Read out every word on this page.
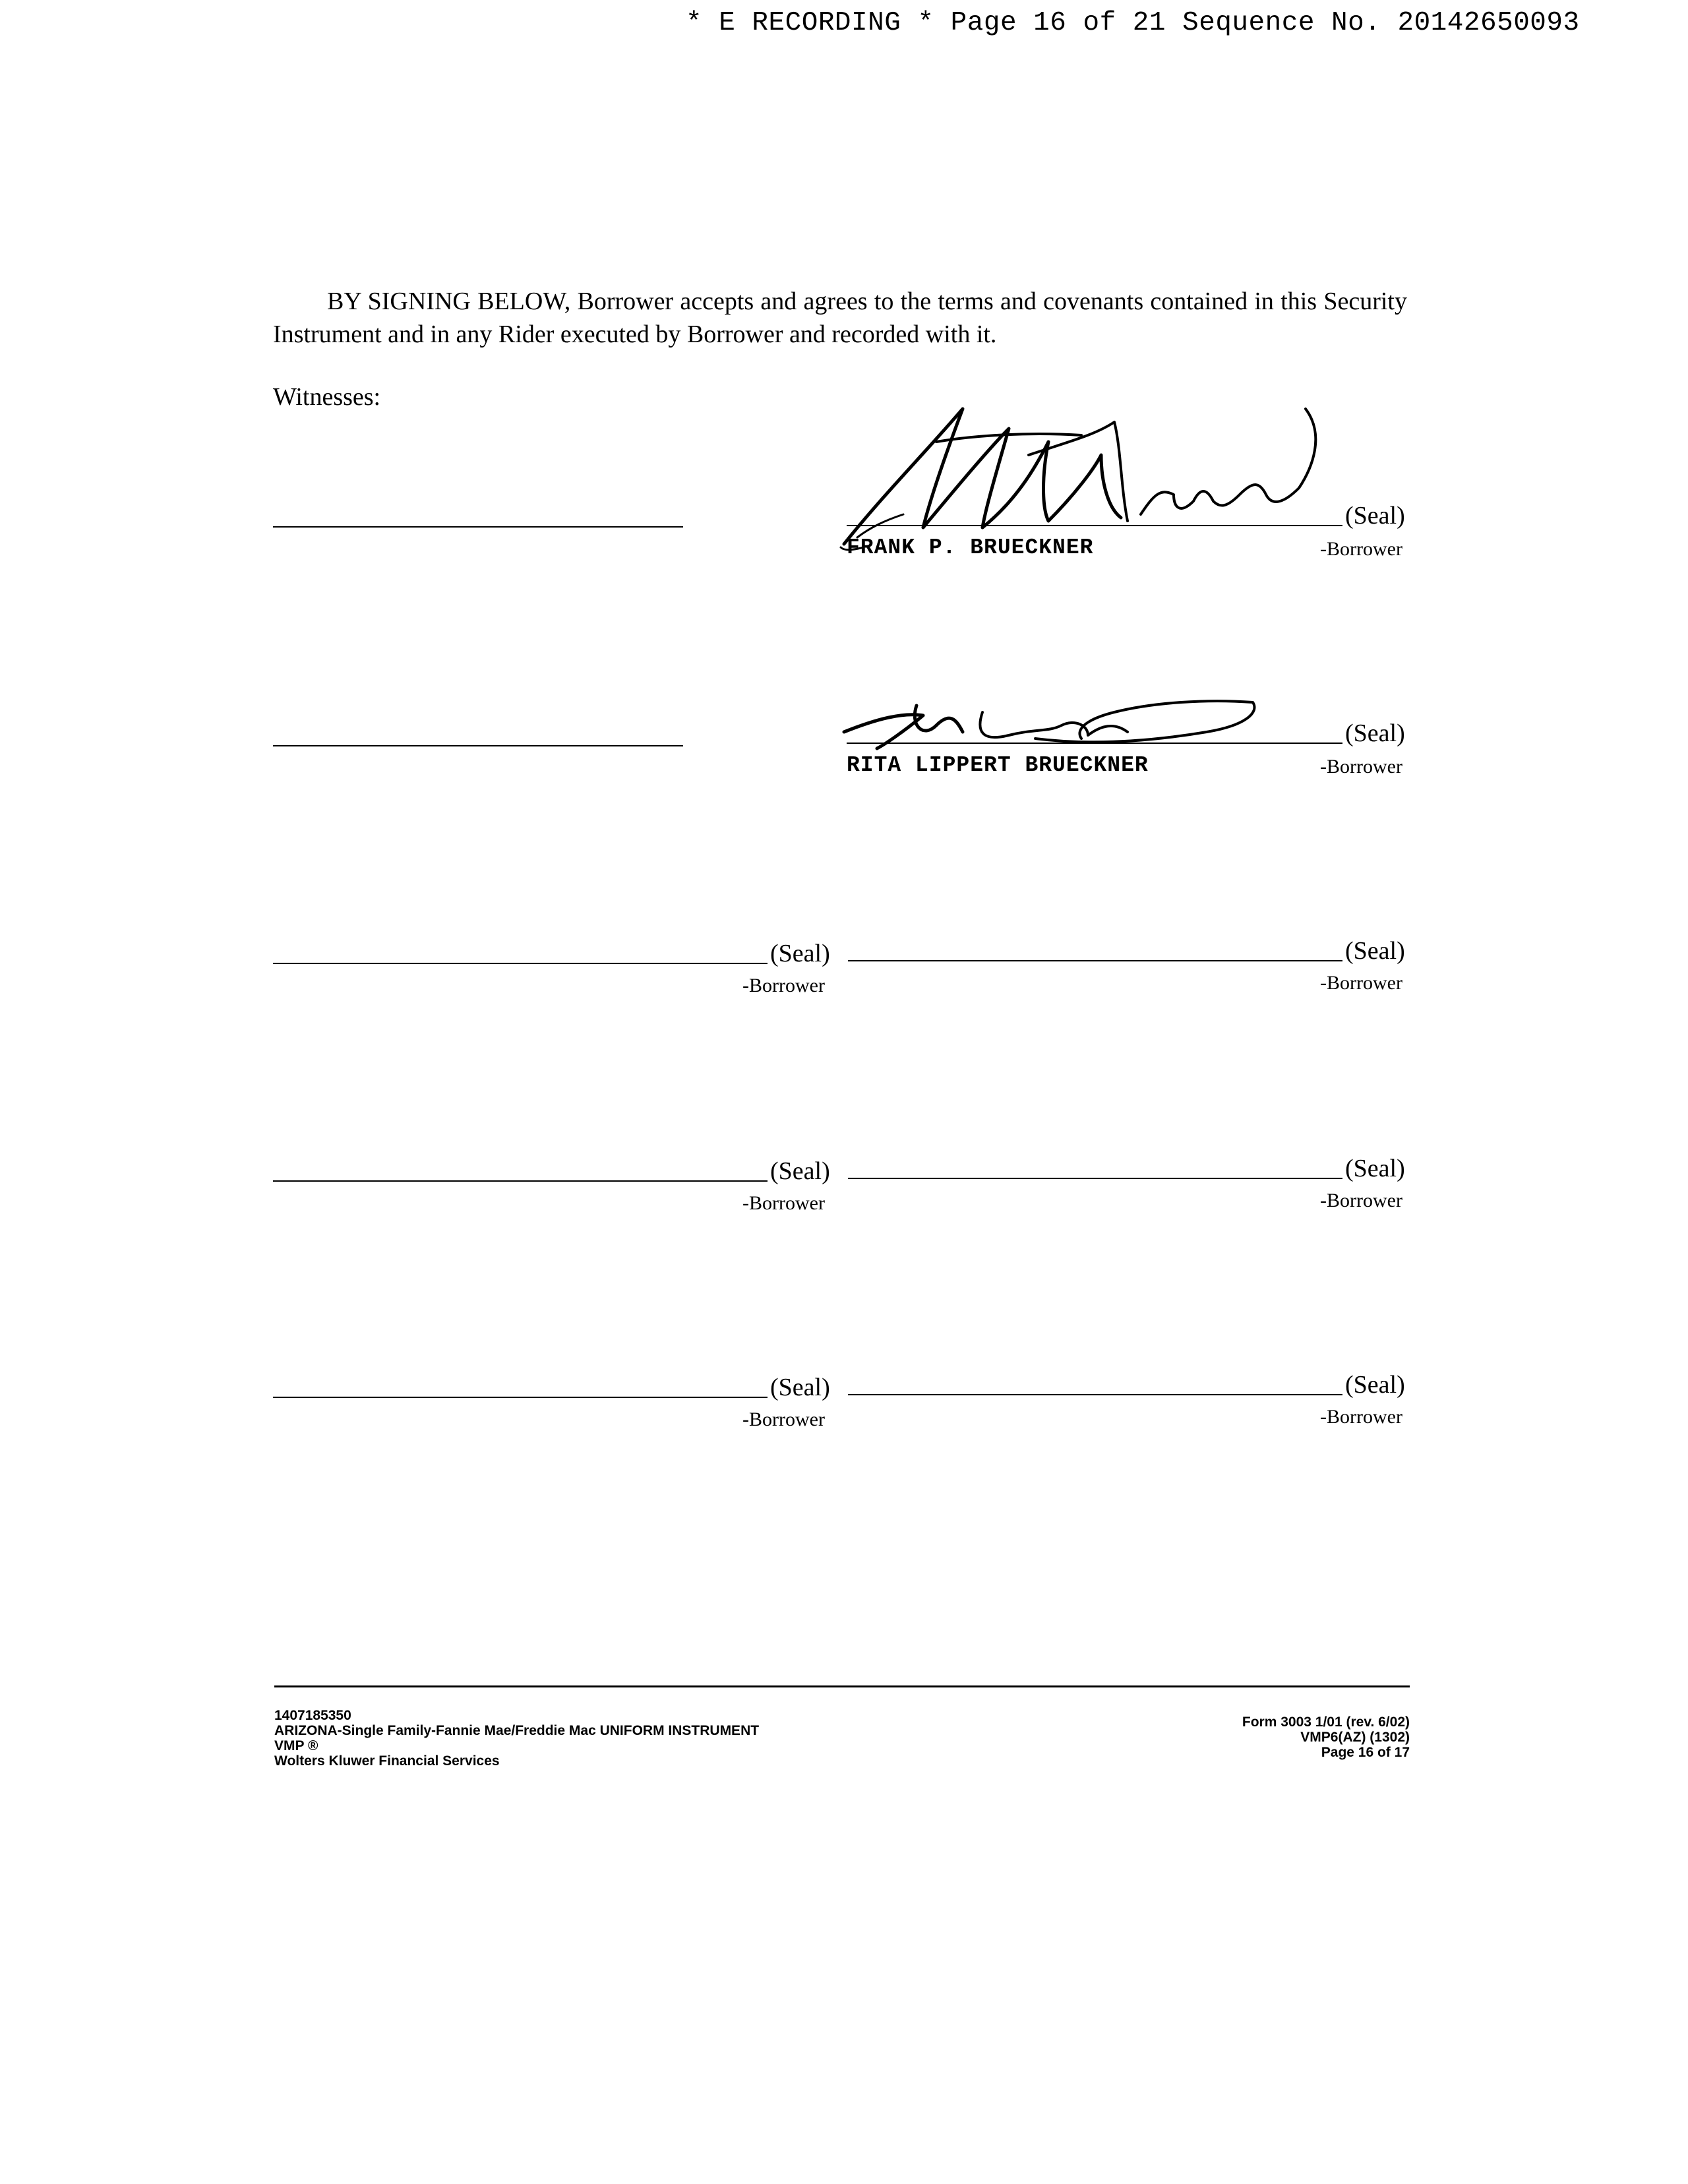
* E RECORDING * Page 16 of 21 Sequence No. 20142650093

BY SIGNING BELOW, Borrower accepts and agrees to the terms and covenants contained in this Security Instrument and in any Rider executed by Borrower and recorded with it.

Witnesses:
(Seal)
FRANK P. BRUECKNER	-Borrower
(Seal)
RITA LIPPERT BRUECKNER	-Borrower
(Seal)
-Borrower
(Seal)
-Borrower
(Seal)
-Borrower
(Seal)
-Borrower
(Seal)
-Borrower
(Seal)
-Borrower
1407185350
ARIZONA-Single Family-Fannie Mae/Freddie Mac UNIFORM INSTRUMENT
VMP ®
Wolters Kluwer Financial Services
Form 3003 1/01 (rev. 6/02)
VMP6(AZ) (1302)
Page 16 of 17
